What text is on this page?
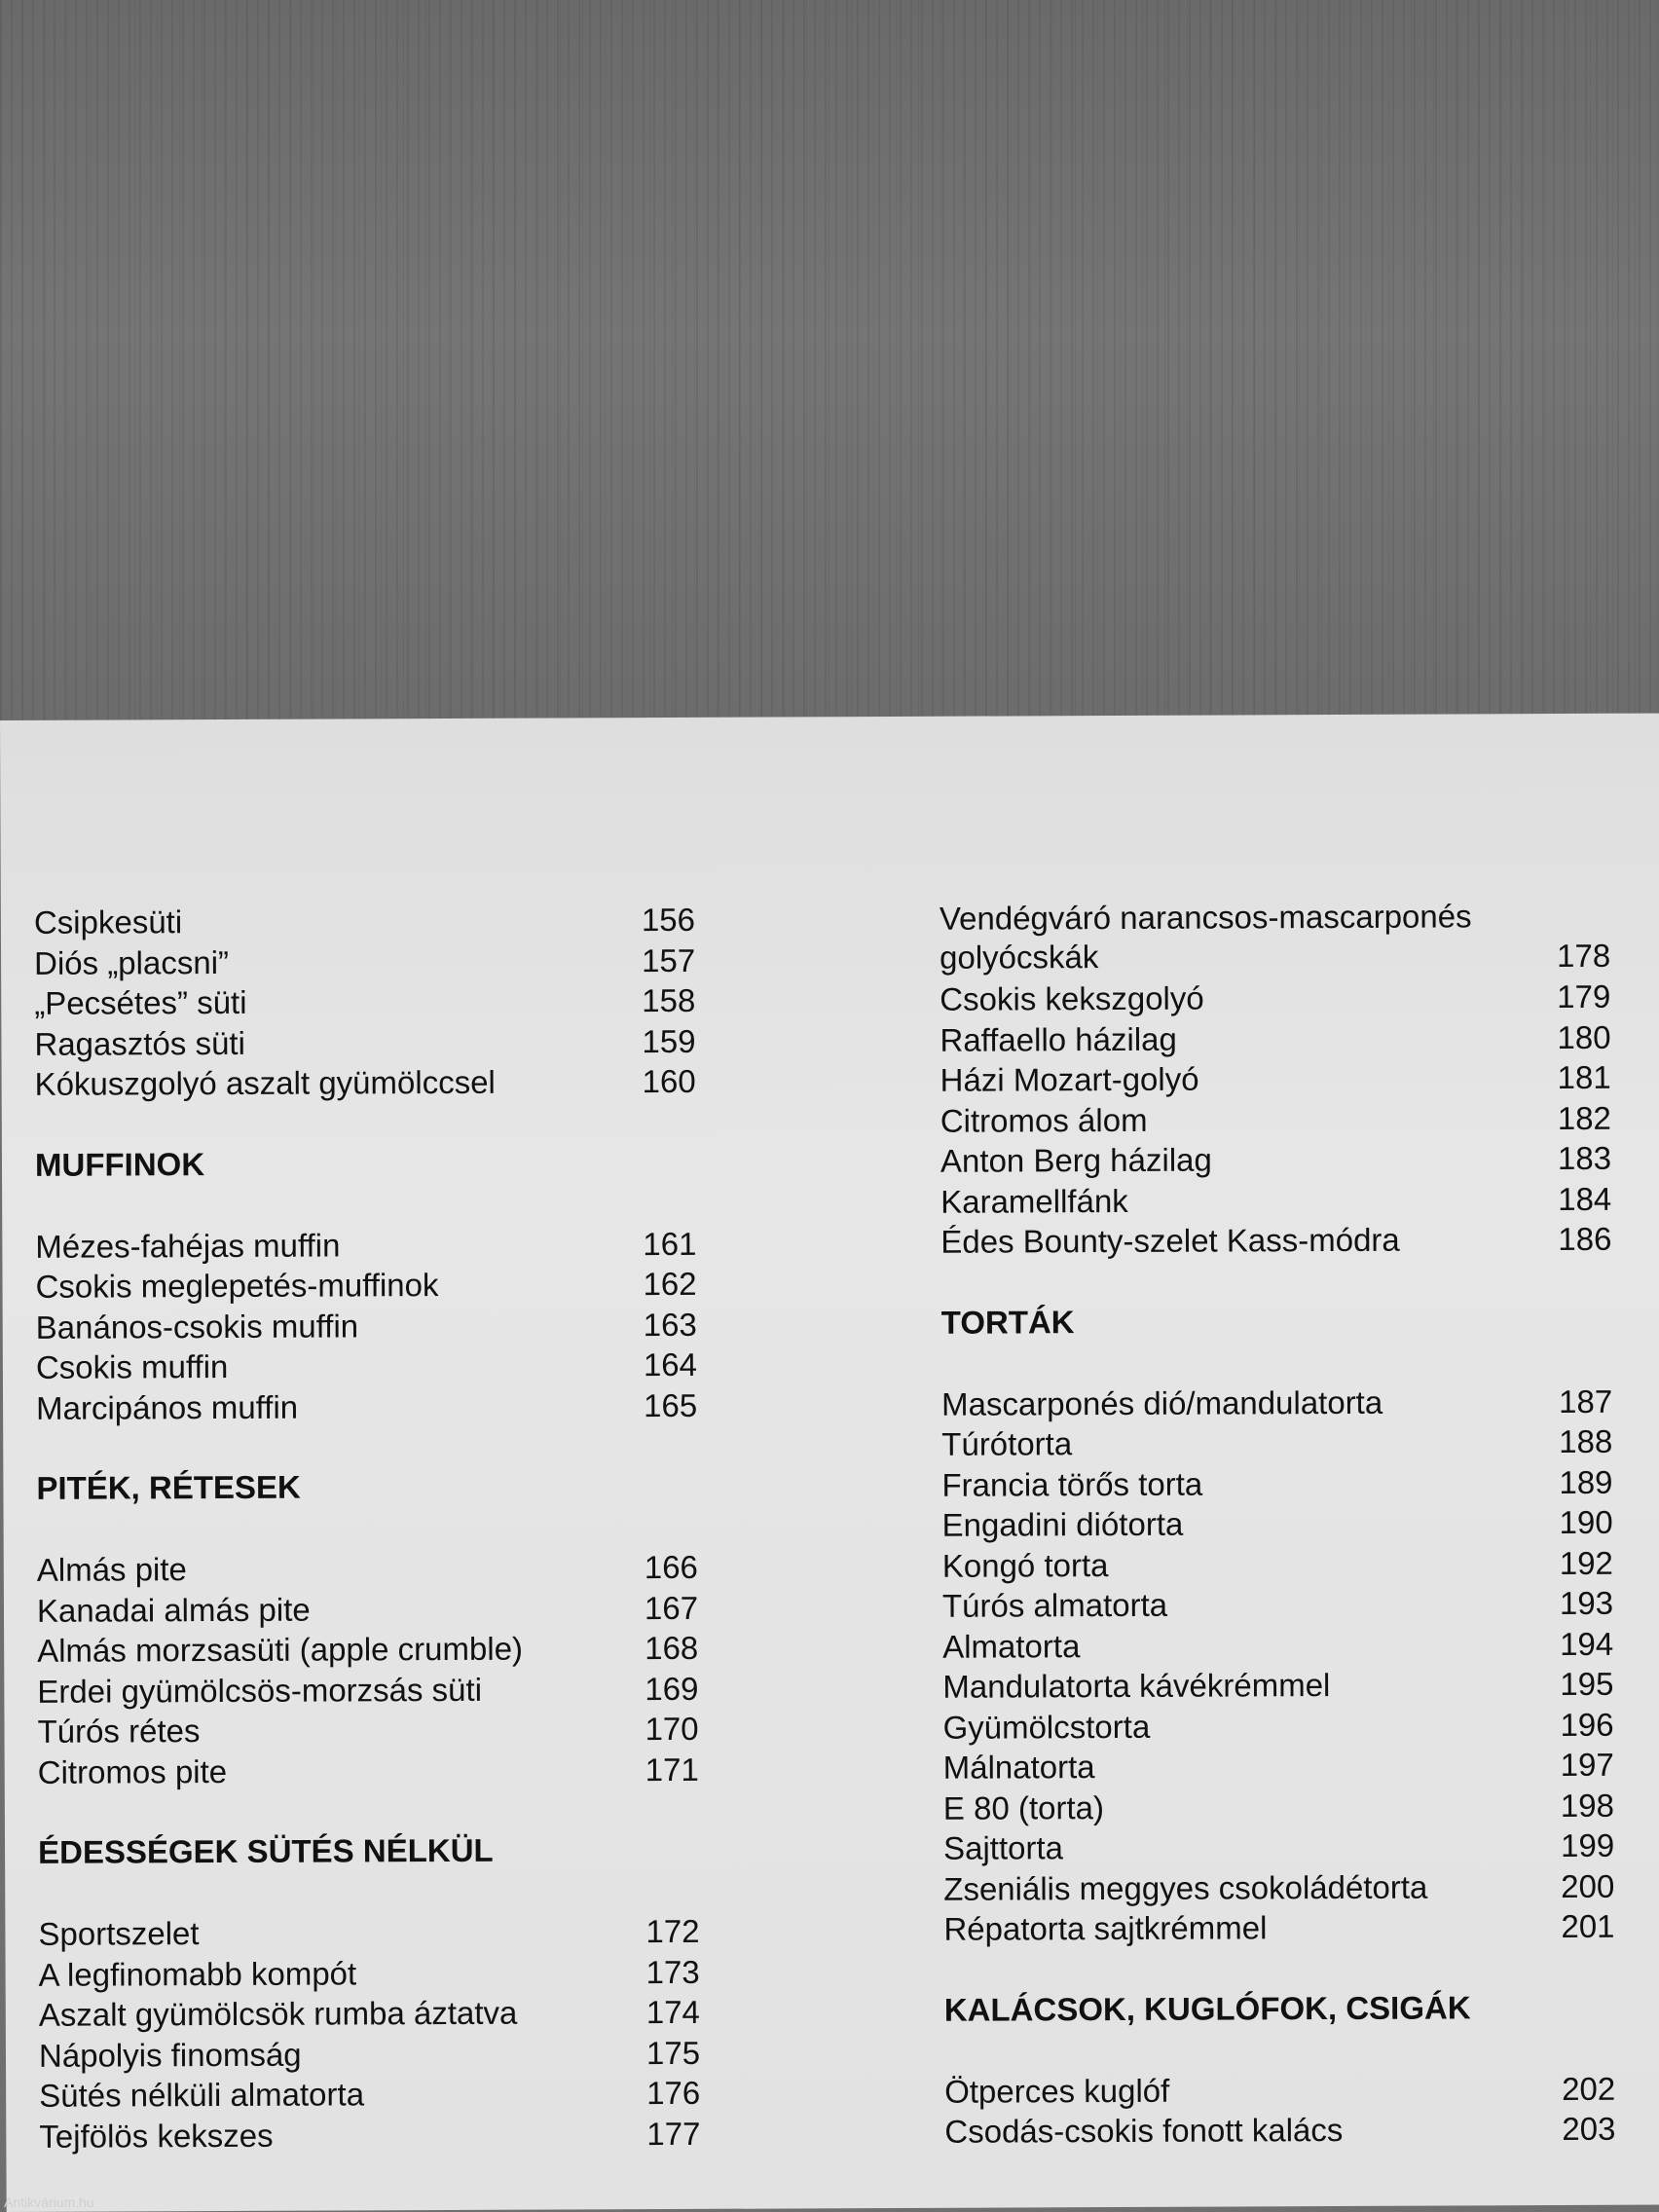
Csipkesüti	156
Diós „placsni”	157
„Pecsétes” süti	158
Ragasztós süti	159
Kókuszgolyó aszalt gyümölccsel	160
MUFFINOK
Mézes-fahéjas muffin	161
Csokis meglepetés-muffinok	162
Banános-csokis muffin	163
Csokis muffin	164
Marcipános muffin	165
PITÉK, RÉTESEK
Almás pite	166
Kanadai almás pite	167
Almás morzsasüti (apple crumble)	168
Erdei gyümölcsös-morzsás süti	169
Túrós rétes	170
Citromos pite	171
ÉDESSÉGEK SÜTÉS NÉLKÜL
Sportszelet	172
A legfinomabb kompót	173
Aszalt gyümölcsök rumba áztatva	174
Nápolyis finomság	175
Sütés nélküli almatorta	176
Tejfölös kekszes	177
Vendégváró narancsos-mascarponés
golyócskák	178
Csokis kekszgolyó	179
Raffaello házilag	180
Házi Mozart-golyó	181
Citromos álom	182
Anton Berg házilag	183
Karamellfánk	184
Édes Bounty-szelet Kass-módra	186
TORTÁK
Mascarponés dió/mandulatorta	187
Túrótorta	188
Francia törős torta	189
Engadini diótorta	190
Kongó torta	192
Túrós almatorta	193
Almatorta	194
Mandulatorta kávékrémmel	195
Gyümölcstorta	196
Málnatorta	197
E 80 (torta)	198
Sajttorta	199
Zseniális meggyes csokoládétorta	200
Répatorta sajtkrémmel	201
KALÁCSOK, KUGLÓFOK, CSIGÁK
Ötperces kuglóf	202
Csodás-csokis fonott kalács	203
Antikvárium.hu
